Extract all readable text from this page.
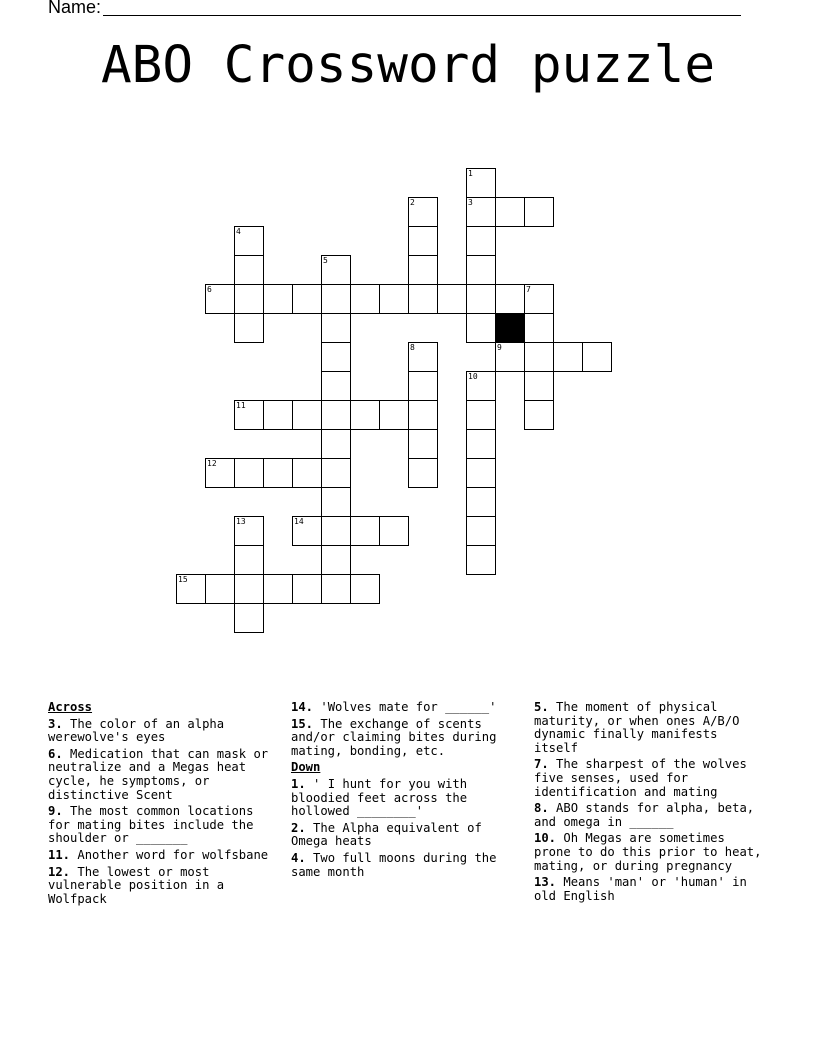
Name:
ABO Crossword puzzle
1
2	3
4
5
6	7
8	9
10
11
12
13	14
15
Across
3. The color of an alpha werewolve's eyes
6. Medication that can mask or neutralize and a Megas heat cycle, he symptoms, or distinctive Scent
9. The most common locations for mating bites include the shoulder or _______
11. Another word for wolfsbane
12. The lowest or most vulnerable position in a Wolfpack
14. 'Wolves mate for ______'
15. The exchange of scents and/or claiming bites during mating, bonding, etc.
Down
1. ' I hunt for you with bloodied feet across the hollowed ________'
2. The Alpha equivalent of Omega heats
4. Two full moons during the same month
5. The moment of physical maturity, or when ones A/B/O dynamic finally manifests itself
7. The sharpest of the wolves five senses, used for identification and mating
8. ABO stands for alpha, beta, and omega in ______
10. Oh Megas are sometimes prone to do this prior to heat, mating, or during pregnancy
13. Means 'man' or 'human' in old English
